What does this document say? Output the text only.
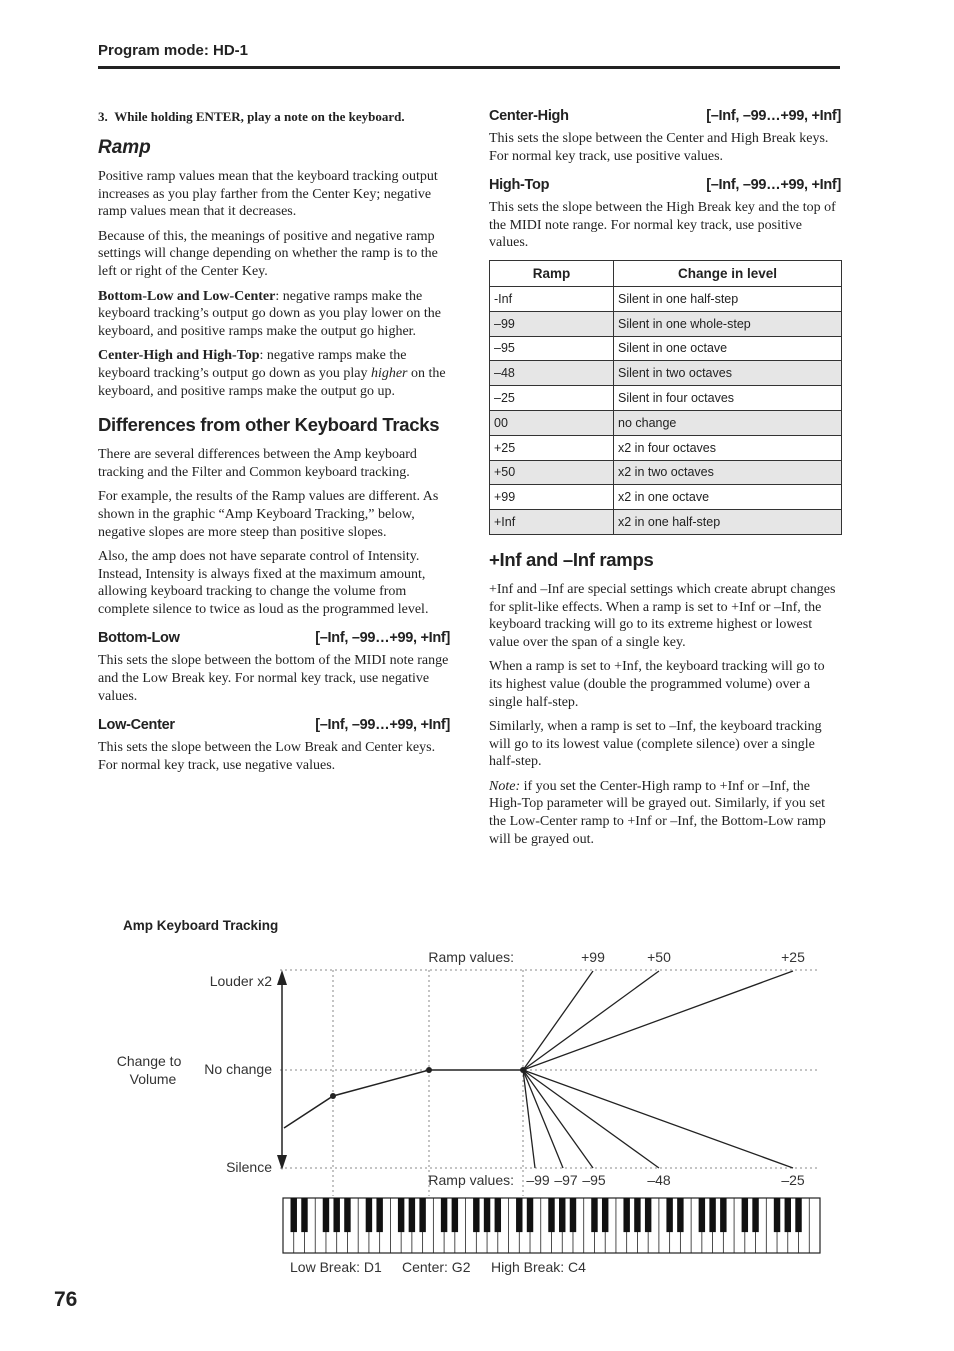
Program mode: HD-1

3.  While holding ENTER, play a note on the keyboard.

Ramp

Positive ramp values mean that the keyboard tracking output increases as you play farther from the Center Key; negative ramp values mean that it decreases.

Because of this, the meanings of positive and negative ramp settings will change depending on whether the ramp is to the left or right of the Center Key.

Bottom-Low and Low-Center: negative ramps make the keyboard tracking’s output go down as you play lower on the keyboard, and positive ramps make the output go higher.

Center-High and High-Top: negative ramps make the keyboard tracking’s output go down as you play higher on the keyboard, and positive ramps make the output go up.

Differences from other Keyboard Tracks

There are several differences between the Amp keyboard tracking and the Filter and Common keyboard tracking.

For example, the results of the Ramp values are different. As shown in the graphic “Amp Keyboard Tracking,” below, negative slopes are more steep than positive slopes.

Also, the amp does not have separate control of Intensity. Instead, Intensity is always fixed at the maximum amount, allowing keyboard tracking to change the volume from complete silence to twice as loud as the programmed level.

Bottom-Low	[–Inf, –99…+99, +Inf]

This sets the slope between the bottom of the MIDI note range and the Low Break key. For normal key track, use negative values.

Low-Center	[–Inf, –99…+99, +Inf]

This sets the slope between the Low Break and Center keys. For normal key track, use negative values.

Center-High	[–Inf, –99…+99, +Inf]

This sets the slope between the Center and High Break keys. For normal key track, use positive values.

High-Top	[–Inf, –99…+99, +Inf]

This sets the slope between the High Break key and the top of the MIDI note range. For normal key track, use positive values.

Ramp	Change in level
-Inf	Silent in one half-step
–99	Silent in one whole-step
–95	Silent in one octave
–48	Silent in two octaves
–25	Silent in four octaves
00	no change
+25	x2 in four octaves
+50	x2 in two octaves
+99	x2 in one octave
+Inf	x2 in one half-step
+Inf and –Inf ramps

+Inf and –Inf are special settings which create abrupt changes for split-like effects. When a ramp is set to +Inf or –Inf, the keyboard tracking will go to its extreme highest or lowest value over the span of a single key.

When a ramp is set to +Inf, the keyboard tracking will go to its highest value (double the programmed volume) over a single half-step.

Similarly, when a ramp is set to –Inf, the keyboard tracking will go to its lowest value (complete silence) over a single half-step.

Note: if you set the Center-High ramp to +Inf or –Inf, the High-Top parameter will be grayed out. Similarly, if you set the Low-Center ramp to +Inf or –Inf, the Bottom-Low ramp will be grayed out.

Amp Keyboard Tracking
Louder x2
No change
Silence
Change to Volume
Ramp values:	+99	+50	+25
Ramp values: –99 –97 –95	–48	–25
Low Break: D1 Center: G2 High Break: C4
76
